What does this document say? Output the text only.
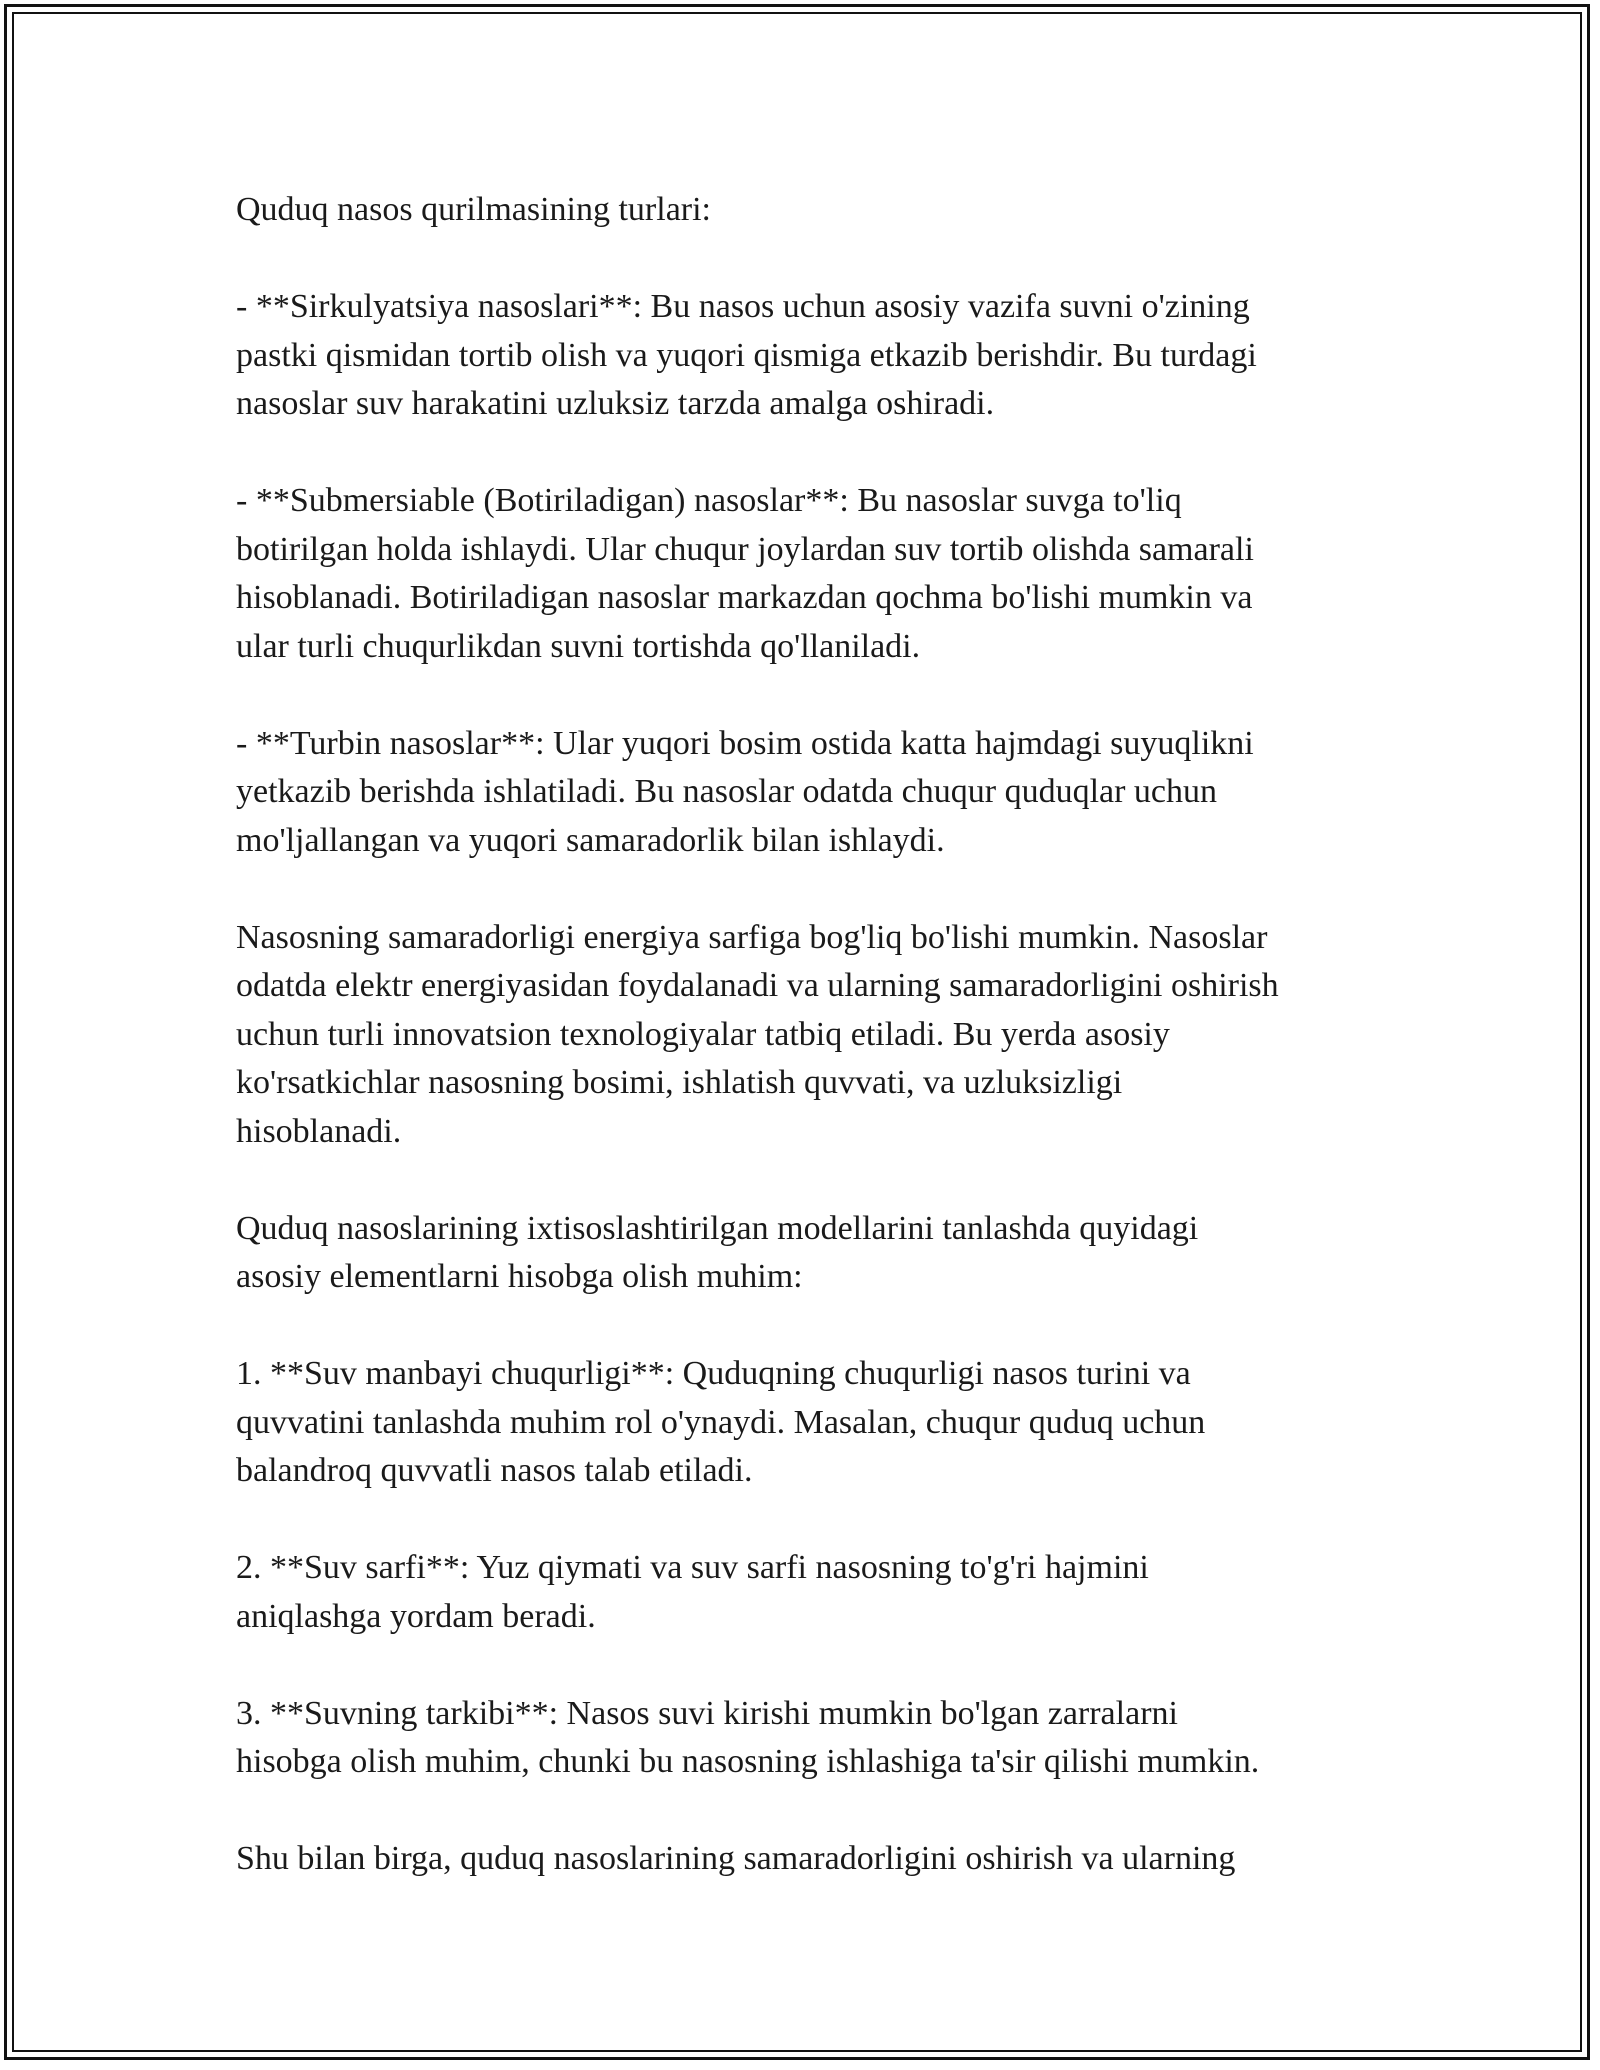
Quduq nasos qurilmasining turlari:

- **Sirkulyatsiya nasoslari**: Bu nasos uchun asosiy vazifa suvni o'zining
pastki qismidan tortib olish va yuqori qismiga etkazib berishdir. Bu turdagi
nasoslar suv harakatini uzluksiz tarzda amalga oshiradi.

- **Submersiable (Botiriladigan) nasoslar**: Bu nasoslar suvga to'liq
botirilgan holda ishlaydi. Ular chuqur joylardan suv tortib olishda samarali
hisoblanadi. Botiriladigan nasoslar markazdan qochma bo'lishi mumkin va
ular turli chuqurlikdan suvni tortishda qo'llaniladi.

- **Turbin nasoslar**: Ular yuqori bosim ostida katta hajmdagi suyuqlikni
yetkazib berishda ishlatiladi. Bu nasoslar odatda chuqur quduqlar uchun
mo'ljallangan va yuqori samaradorlik bilan ishlaydi.

Nasosning samaradorligi energiya sarfiga bog'liq bo'lishi mumkin. Nasoslar
odatda elektr energiyasidan foydalanadi va ularning samaradorligini oshirish
uchun turli innovatsion texnologiyalar tatbiq etiladi. Bu yerda asosiy
ko'rsatkichlar nasosning bosimi, ishlatish quvvati, va uzluksizligi
hisoblanadi.

Quduq nasoslarining ixtisoslashtirilgan modellarini tanlashda quyidagi
asosiy elementlarni hisobga olish muhim:

1. **Suv manbayi chuqurligi**: Quduqning chuqurligi nasos turini va
quvvatini tanlashda muhim rol o'ynaydi. Masalan, chuqur quduq uchun
balandroq quvvatli nasos talab etiladi.

2. **Suv sarfi**: Yuz qiymati va suv sarfi nasosning to'g'ri hajmini
aniqlashga yordam beradi.

3. **Suvning tarkibi**: Nasos suvi kirishi mumkin bo'lgan zarralarni
hisobga olish muhim, chunki bu nasosning ishlashiga ta'sir qilishi mumkin.

Shu bilan birga, quduq nasoslarining samaradorligini oshirish va ularning
